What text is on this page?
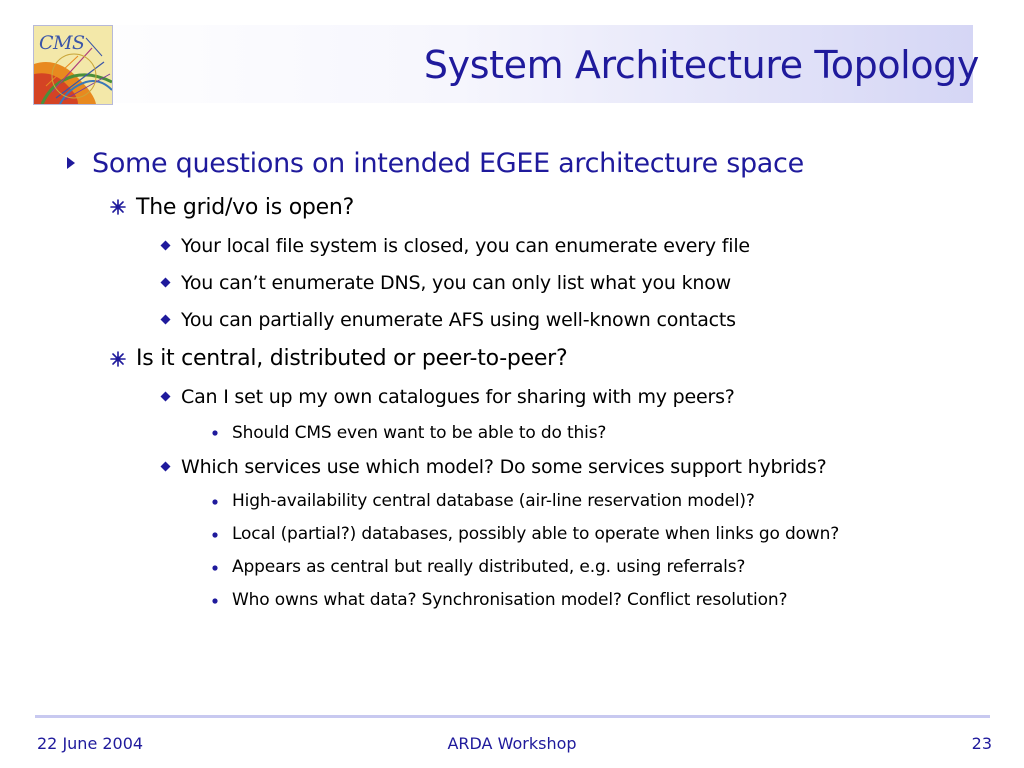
CMS	System Architecture Topology
Some questions on intended EGEE architecture space
The grid/vo is open?
Your local file system is closed, you can enumerate every file
You can’t enumerate DNS, you can only list what you know
You can partially enumerate AFS using well-known contacts
Is it central, distributed or peer-to-peer?
Can I set up my own catalogues for sharing with my peers?
Should CMS even want to be able to do this?
Which services use which model? Do some services support hybrids?
High-availability central database (air-line reservation model)?
Local (partial?) databases, possibly able to operate when links go down?
Appears as central but really distributed, e.g. using referrals?
Who owns what data? Synchronisation model? Conflict resolution?
22 June 2004	ARDA Workshop	23
